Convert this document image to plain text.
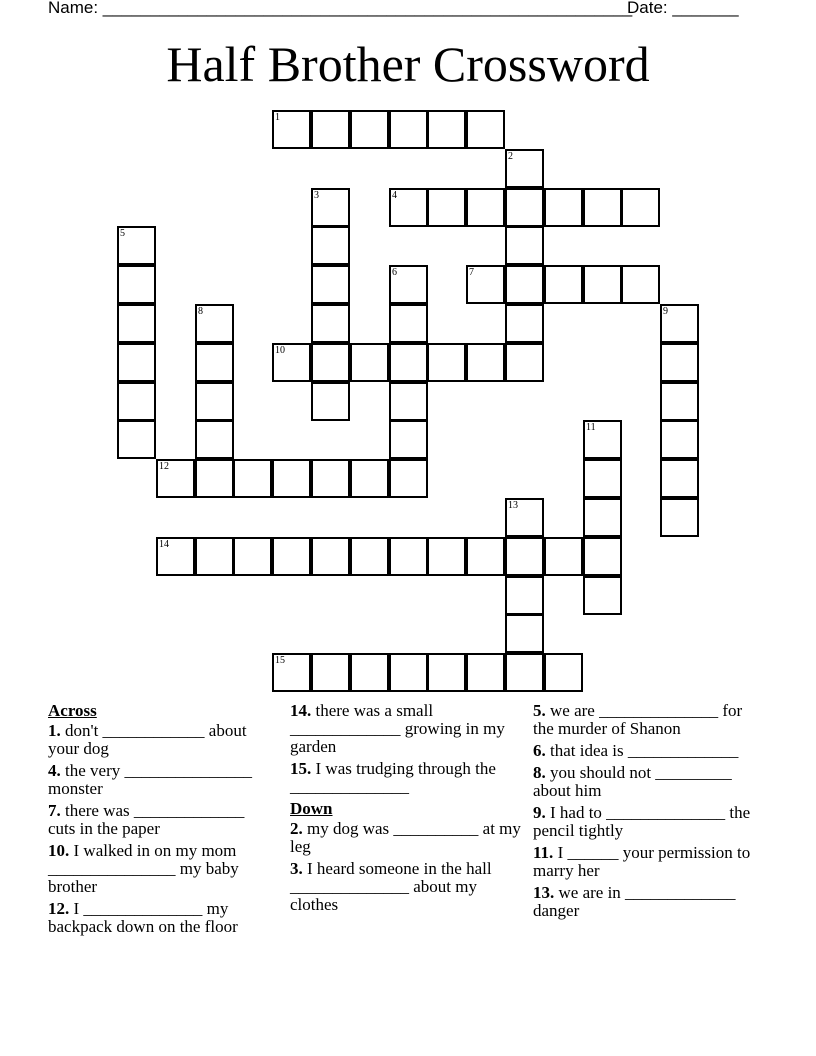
Name: ________________________________________________________
Date: _______
Half Brother Crossword
1
2
3	4
5
6	7
8	9
10
11
12
13
14
15
Across
1. don't ____________ about your dog
4. the very _______________ monster
7. there was _____________ cuts in the paper
10. I walked in on my mom _______________ my baby brother
12. I ______________ my backpack down on the floor
14. there was a small _____________ growing in my garden
15. I was trudging through the ______________
Down
2. my dog was __________ at my leg
3. I heard someone in the hall ______________ about my clothes
5. we are ______________ for the murder of Shanon
6. that idea is _____________
8. you should not _________ about him
9. I had to ______________ the pencil tightly
11. I ______ your permission to marry her
13. we are in _____________ danger
